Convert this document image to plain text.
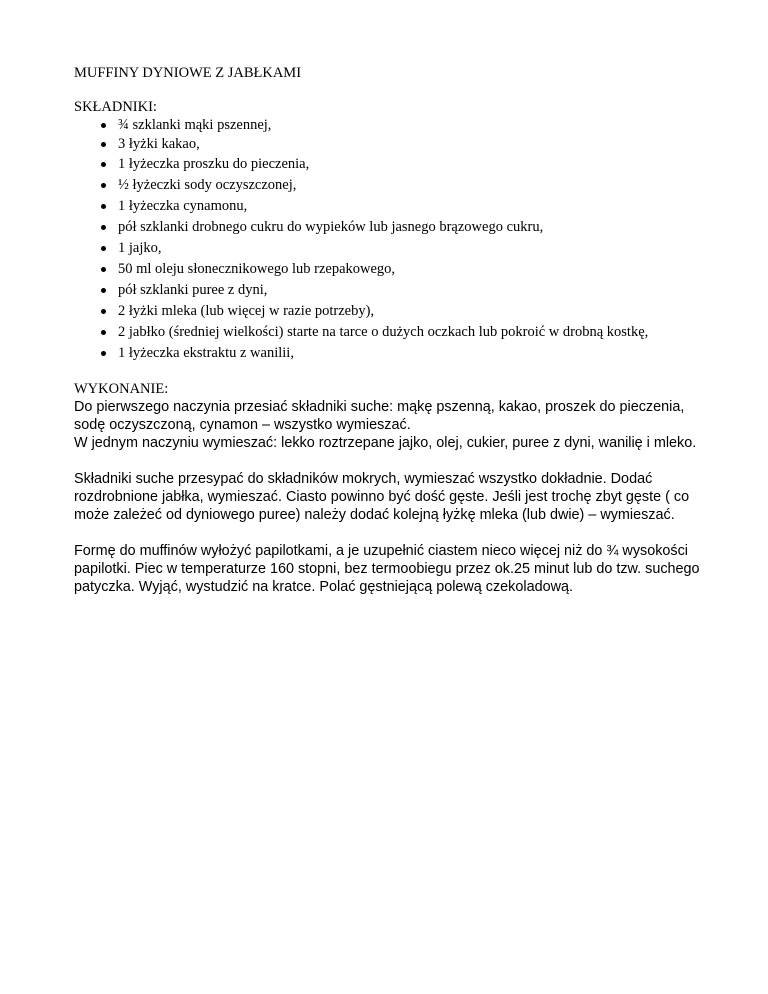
MUFFINY DYNIOWE Z JABŁKAMI

SKŁADNIKI:

¾ szklanki mąki pszennej,
3 łyżki kakao,
1 łyżeczka proszku do pieczenia,
½ łyżeczki sody oczyszczonej,
1 łyżeczka cynamonu,
pół szklanki drobnego cukru do wypieków lub jasnego brązowego cukru,
1 jajko,
50 ml oleju słonecznikowego lub rzepakowego,
pół szklanki puree z dyni,
2 łyżki mleka (lub więcej w razie potrzeby),
2 jabłko (średniej wielkości) starte na tarce o dużych oczkach lub pokroić w drobną kostkę,
1 łyżeczka ekstraktu z wanilii,

WYKONANIE:

Do pierwszego naczynia przesiać składniki suche: mąkę pszenną, kakao, proszek do pieczenia, sodę oczyszczoną, cynamon – wszystko wymieszać.

W jednym naczyniu wymieszać: lekko roztrzepane jajko, olej, cukier, puree z dyni, wanilię i mleko.

Składniki suche przesypać do składników mokrych, wymieszać wszystko dokładnie. Dodać rozdrobnione jabłka, wymieszać. Ciasto powinno być dość gęste. Jeśli jest trochę zbyt gęste ( co może zależeć od dyniowego puree) należy dodać kolejną łyżkę mleka (lub dwie) – wymieszać.

Formę do muffinów wyłożyć papilotkami, a je uzupełnić ciastem nieco więcej niż do ¾ wysokości papilotki. Piec w temperaturze 160 stopni, bez termoobiegu przez ok.25 minut lub do tzw. suchego patyczka. Wyjąć, wystudzić na kratce. Polać gęstniejącą polewą czekoladową.
